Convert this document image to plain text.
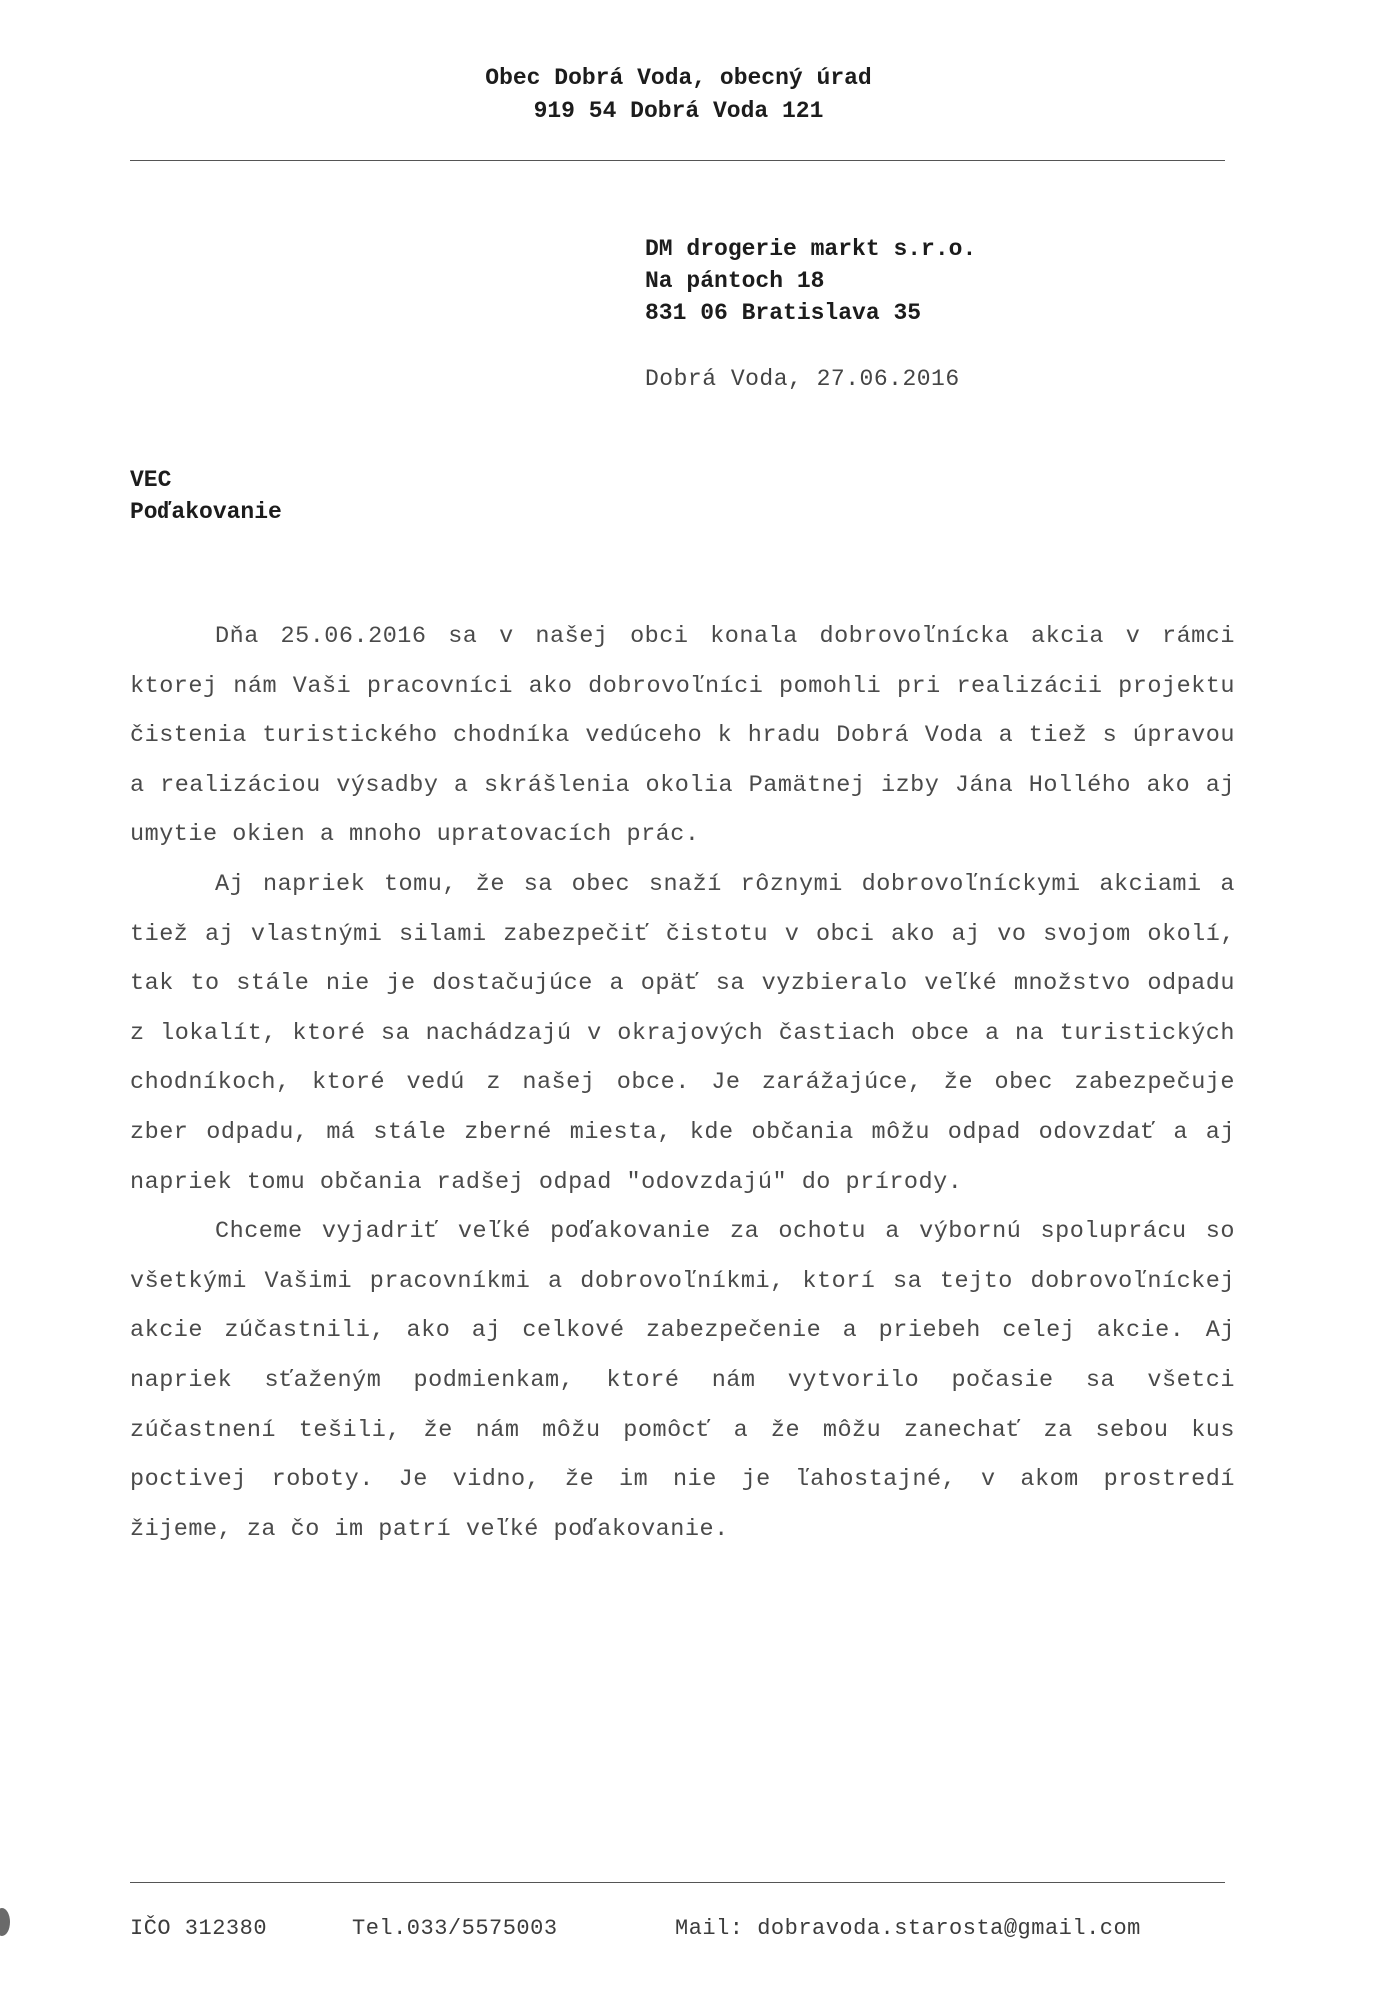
Obec Dobrá Voda, obecný úrad
919 54 Dobrá Voda 121
DM drogerie markt s.r.o.
Na pántoch 18
831 06 Bratislava 35
Dobrá Voda, 27.06.2016
VEC
Poďakovanie

Dňa 25.06.2016 sa v našej obci konala dobrovoľnícka akcia v rámci ktorej nám Vaši pracovníci ako dobrovoľníci pomohli pri realizácii projektu čistenia turistického chodníka vedúceho k hradu Dobrá Voda a tiež s úpravou a realizáciou výsadby a skrášlenia okolia Pamätnej izby Jána Hollého ako aj umytie okien a mnoho upratovacích prác.

Aj napriek tomu, že sa obec snaží rôznymi dobrovoľníckymi akciami a tiež aj vlastnými silami zabezpečiť čistotu v obci ako aj vo svojom okolí, tak to stále nie je dostačujúce a opäť sa vyzbieralo veľké množstvo odpadu z lokalít, ktoré sa nachádzajú v okrajových častiach obce a na turistických chodníkoch, ktoré vedú z našej obce. Je zarážajúce, že obec zabezpečuje zber odpadu, má stále zberné miesta, kde občania môžu odpad odovzdať a aj napriek tomu občania radšej odpad "odovzdajú" do prírody.

Chceme vyjadriť veľké poďakovanie za ochotu a výbornú spoluprácu so všetkými Vašimi pracovníkmi a dobrovoľníkmi, ktorí sa tejto dobrovoľníckej akcie zúčastnili, ako aj celkové zabezpečenie a priebeh celej akcie. Aj napriek sťaženým podmienkam, ktoré nám vytvorilo počasie sa všetci zúčastnení tešili, že nám môžu pomôcť a že môžu zanechať za sebou kus poctivej roboty. Je vidno, že im nie je ľahostajné, v akom prostredí žijeme, za čo im patrí veľké poďakovanie.

IČO 312380	Tel.033/5575003	Mail: dobravoda.starosta@gmail.com
